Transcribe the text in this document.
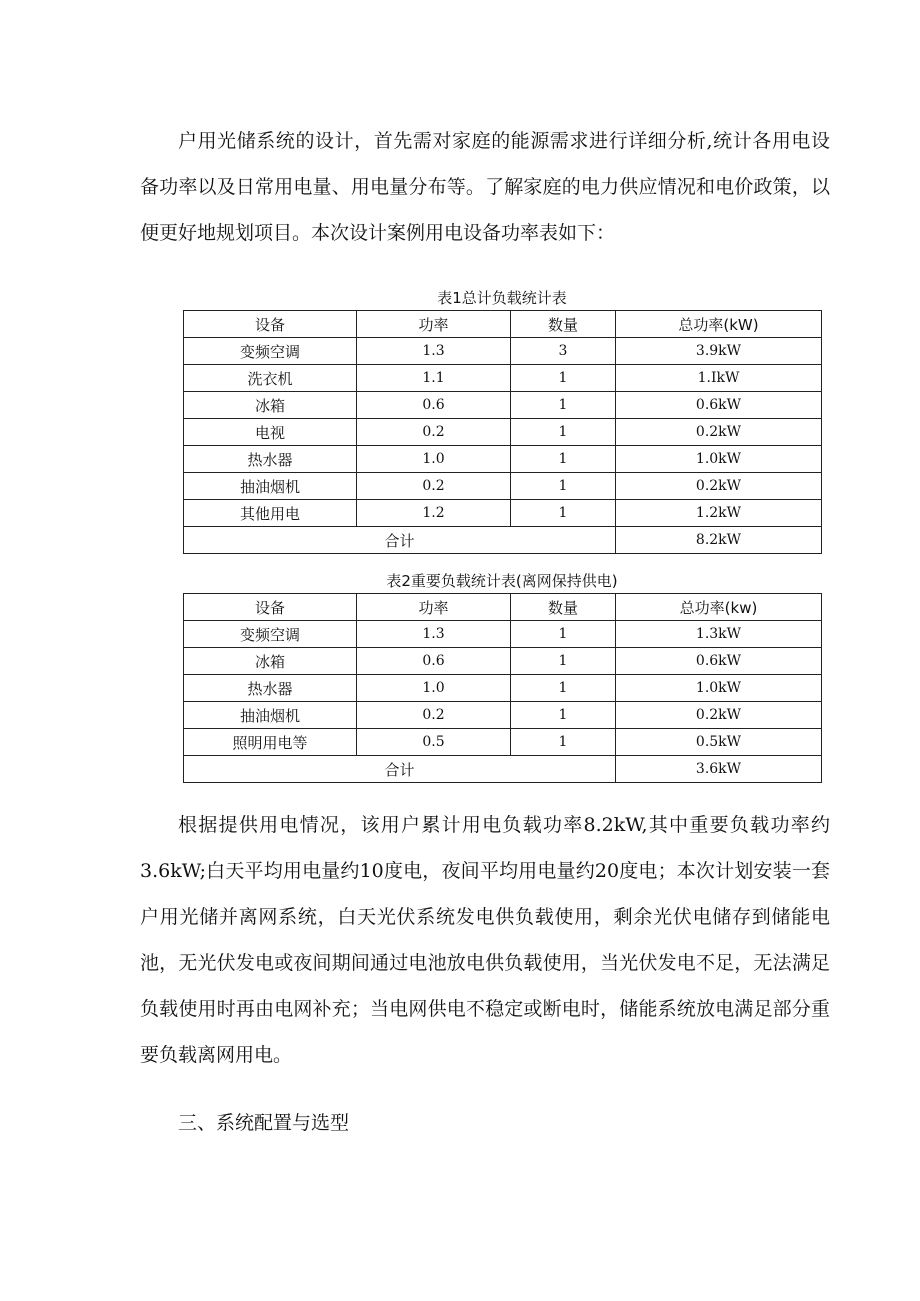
户用光储系统的设计，首先需对家庭的能源需求进行详细分析,统计各用电设备功率以及日常用电量、用电量分布等。了解家庭的电力供应情况和电价政策，以便更好地规划项目。本次设计案例用电设备功率表如下：

表1总计负载统计表

设备	功率	数量	总功率(kW)
变频空调	1.3	3	3.9kW
洗衣机	1.1	1	1.IkW
冰箱	0.6	1	0.6kW
电视	0.2	1	0.2kW
热水器	1.0	1	1.0kW
抽油烟机	0.2	1	0.2kW
其他用电	1.2	1	1.2kW
合计			8.2kW

表2重要负载统计表(离网保持供电)

设备	功率	数量	总功率(kw)
变频空调	1.3	1	1.3kW
冰箱	0.6	1	0.6kW
热水器	1.0	1	1.0kW
抽油烟机	0.2	1	0.2kW
照明用电等	0.5	1	0.5kW
合计			3.6kW

根据提供用电情况，该用户累计用电负载功率8.2kW,其中重要负载功率约3.6kW;白天平均用电量约10度电，夜间平均用电量约20度电；本次计划安装一套户用光储并离网系统，白天光伏系统发电供负载使用，剩余光伏电储存到储能电池，无光伏发电或夜间期间通过电池放电供负载使用，当光伏发电不足，无法满足负载使用时再由电网补充；当电网供电不稳定或断电时，储能系统放电满足部分重要负载离网用电。

三、系统配置与选型
